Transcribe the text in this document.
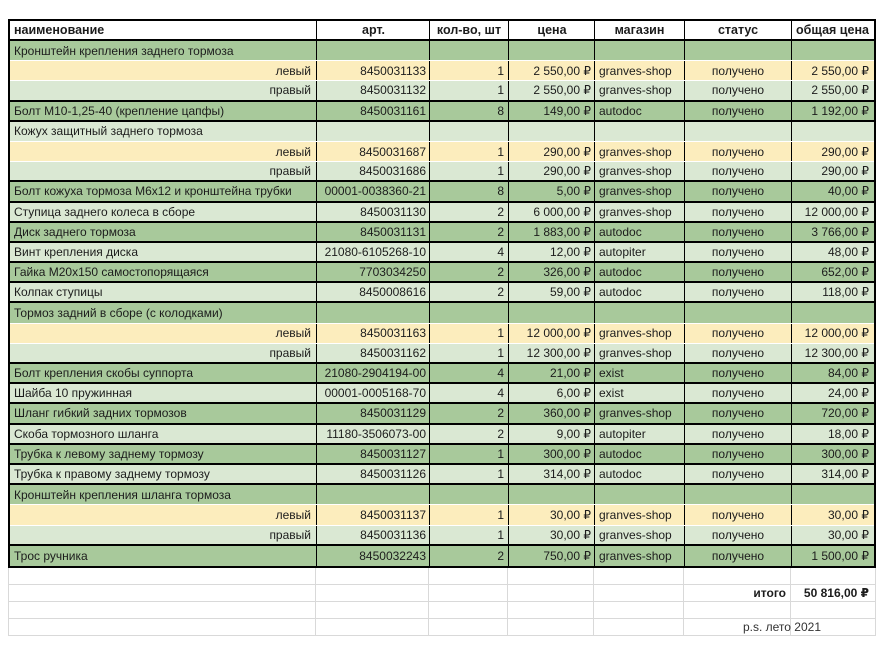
наименование	арт.	кол-во, шт	цена	магазин	статус	общая цена
Кронштейн крепления заднего тормоза
левый	8450031133	1	2 550,00 ₽ granves-shop	получено	2 550,00 ₽
правый	8450031132	1	2 550,00 ₽ granves-shop	получено	2 550,00 ₽
Болт М10-1,25-40 (крепление цапфы)	8450031161	8	149,00 ₽ autodoc	получено	1 192,00 ₽
Кожух защитный заднего тормоза
левый	8450031687	1	290,00 ₽ granves-shop	получено	290,00 ₽
правый	8450031686	1	290,00 ₽ granves-shop	получено	290,00 ₽
Болт кожуха тормоза М6х12 и кронштейна трубки	00001-0038360-21	8	5,00 ₽ granves-shop	получено	40,00 ₽
Ступица заднего колеса в сборе	8450031130	2	6 000,00 ₽ granves-shop	получено	12 000,00 ₽
Диск заднего тормоза	8450031131	2	1 883,00 ₽ autodoc	получено	3 766,00 ₽
Винт крепления диска	21080-6105268-10	4	12,00 ₽ autopiter	получено	48,00 ₽
Гайка М20х150 самостопорящаяся	7703034250	2	326,00 ₽ autodoc	получено	652,00 ₽
Колпак ступицы	8450008616	2	59,00 ₽ autodoc	получено	118,00 ₽
Тормоз задний в сборе (с колодками)
левый	8450031163	1	12 000,00 ₽ granves-shop	получено	12 000,00 ₽
правый	8450031162	1	12 300,00 ₽ granves-shop	получено	12 300,00 ₽
Болт крепления скобы суппорта	21080-2904194-00	4	21,00 ₽ exist	получено	84,00 ₽
Шайба 10 пружинная	00001-0005168-70	4	6,00 ₽ exist	получено	24,00 ₽
Шланг гибкий задних тормозов	8450031129	2	360,00 ₽ granves-shop	получено	720,00 ₽
Скоба тормозного шланга	11180-3506073-00	2	9,00 ₽ autopiter	получено	18,00 ₽
Трубка к левому заднему тормозу	8450031127	1	300,00 ₽ autodoc	получено	300,00 ₽
Трубка к правому заднему тормозу	8450031126	1	314,00 ₽ autodoc	получено	314,00 ₽
Кронштейн крепления шланга тормоза
левый	8450031137	1	30,00 ₽ granves-shop	получено	30,00 ₽
правый	8450031136	1	30,00 ₽ granves-shop	получено	30,00 ₽
Трос ручника	8450032243	2	750,00 ₽ granves-shop	получено	1 500,00 ₽
итого	50 816,00 ₽
p.s. лето 2021
